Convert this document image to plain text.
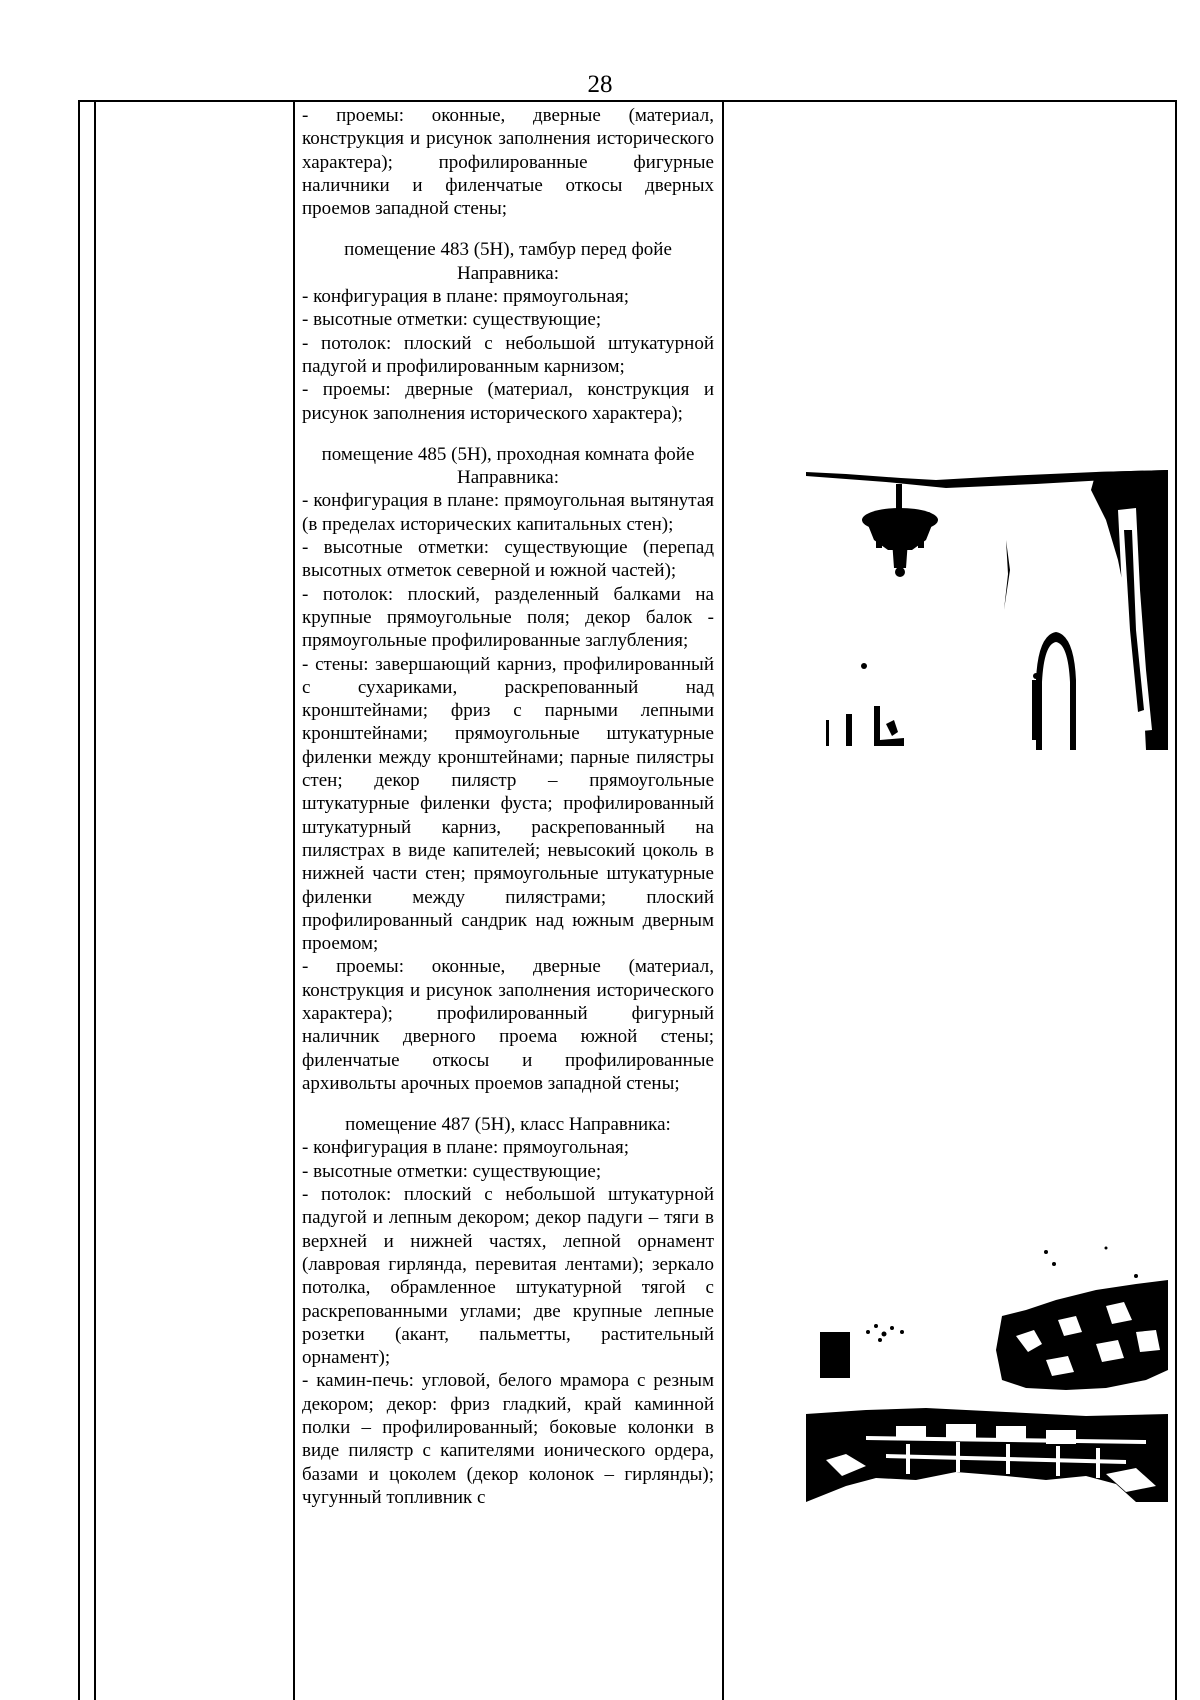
28

- проемы: оконные, дверные (материал, конструкция и рисунок заполнения исторического характера); профилированные фигурные наличники и филенчатые откосы дверных проемов западной стены;

помещение 483 (5Н), тамбур перед фойе Направника:

- конфигурация в плане: прямоугольная;

- высотные отметки: существующие;

- потолок: плоский с небольшой штукатурной падугой и профилированным карнизом;

- проемы: дверные (материал, конструкция и рисунок заполнения исторического характера);

помещение 485 (5Н), проходная комната фойе Направника:

- конфигурация в плане: прямоугольная вытянутая (в пределах исторических капитальных стен);

- высотные отметки: существующие (перепад высотных отметок северной и южной частей);

- потолок: плоский, разделенный балками на крупные прямоугольные поля; декор балок - прямоугольные профилированные заглубления;

- стены: завершающий карниз, профилированный с сухариками, раскрепованный над кронштейнами; фриз с парными лепными кронштейнами; прямоугольные штукатурные филенки между кронштейнами; парные пилястры стен; декор пилястр – прямоугольные штукатурные филенки фуста; профилированный штукатурный карниз, раскрепованный на пилястрах в виде капителей; невысокий цоколь в нижней части стен; прямоугольные штукатурные филенки между пилястрами; плоский профилированный сандрик над южным дверным проемом;

- проемы: оконные, дверные (материал, конструкция и рисунок заполнения исторического характера); профилированный фигурный наличник дверного проема южной стены; филенчатые откосы и профилированные архивольты арочных проемов западной стены;

помещение 487 (5Н), класс Направника:

- конфигурация в плане: прямоугольная;

- высотные отметки: существующие;

- потолок: плоский с небольшой штукатурной падугой и лепным декором; декор падуги – тяги в верхней и нижней частях, лепной орнамент (лавровая гирлянда, перевитая лентами); зеркало потолка, обрамленное штукатурной тягой с раскрепованными углами; две крупные лепные розетки (акант, пальметты, растительный орнамент);

- камин-печь: угловой, белого мрамора с резным декором; декор: фриз гладкий, край каминной полки – профилированный; боковые колонки в виде пилястр с капителями ионического ордера, базами и цоколем (декор колонок – гирлянды); чугунный топливник с
